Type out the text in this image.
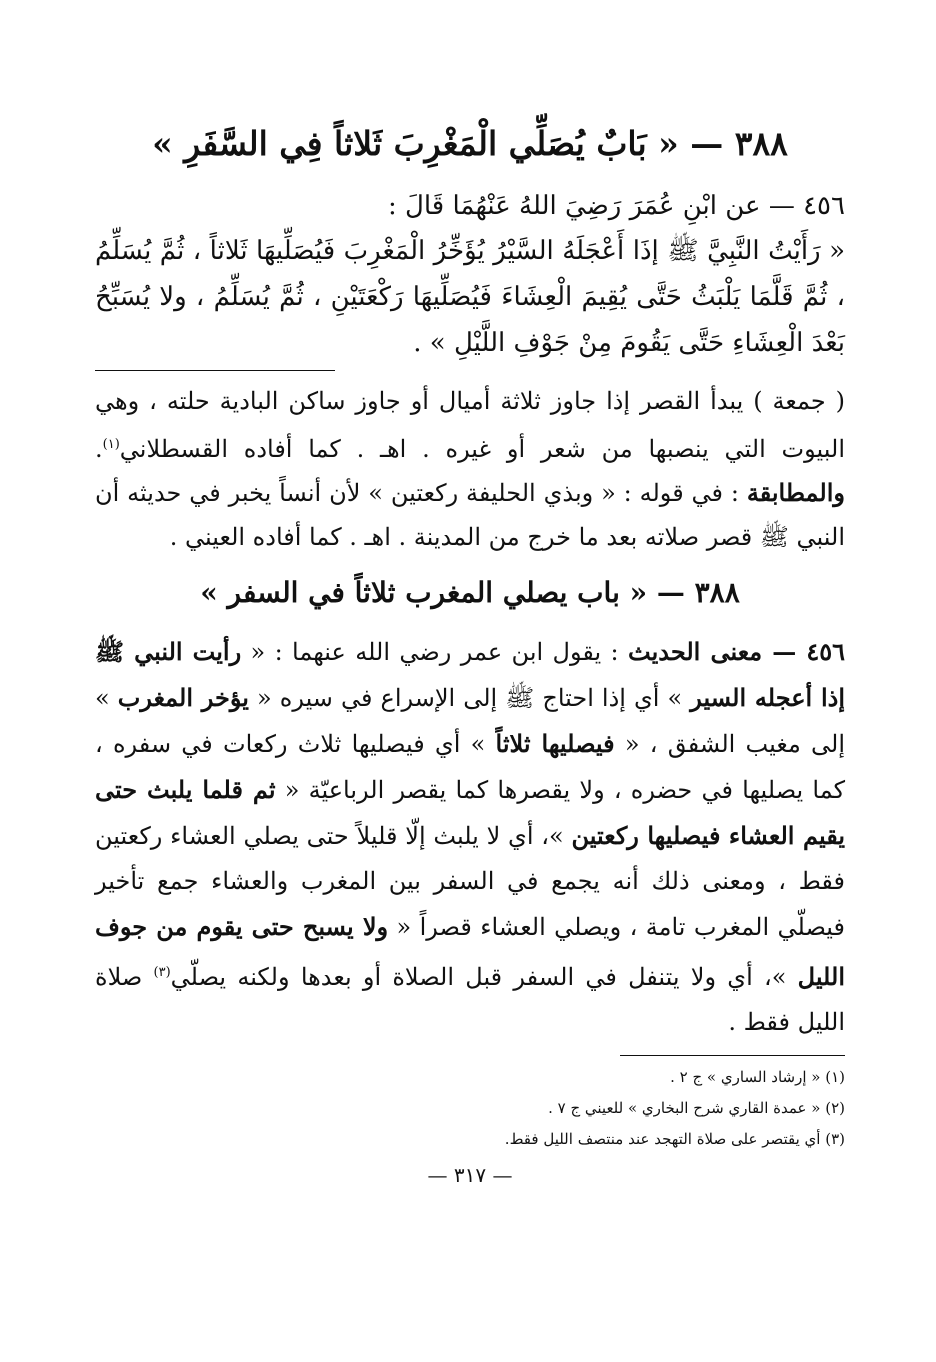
٣٨٨ — « بَابٌ يُصَلِّي الْمَغْرِبَ ثَلاثاً فِي السَّفَرِ »

٤٥٦ — عن ابْنِ عُمَرَ رَضِيَ اللهُ عَنْهُمَا قَالَ :

« رَأَيْتُ النَّبِيَّ ﷺ إذَا أَعْجَلَهُ السَّيْرُ يُؤَخِّرُ الْمَغْرِبَ فَيُصَلِّيهَا ثَلاثاً ، ثُمَّ يُسَلِّمُ ، ثُمَّ قَلَّمَا يَلْبَثُ حَتَّى يُقِيمَ الْعِشَاءَ فَيُصَلِّيهَا رَكْعَتَيْنِ ، ثُمَّ يُسَلِّمُ ، ولا يُسَبِّحُ بَعْدَ الْعِشَاءِ حَتَّى يَقُومَ مِنْ جَوْفِ اللَّيْلِ » .

( جمعة ) يبدأ القصر إذا جاوز ثلاثة أميال أو جاوز ساكن البادية حلته ، وهي البيوت التي ينصبها من شعر أو غيره . اهـ . كما أفاده القسطلاني$^{(١)}$. والمطابقة : في قوله : « وبذي الحليفة ركعتين » لأن أنساً يخبر في حديثه أن النبي ﷺ قصر صلاته بعد ما خرج من المدينة . اهـ . كما أفاده العيني .

٣٨٨ — « باب يصلي المغرب ثلاثاً في السفر »

٤٥٦ — معنى الحديث : يقول ابن عمر رضي الله عنهما : « رأيت النبي ﷺ إذا أعجله السير » أي إذا احتاج ﷺ إلى الإسراع في سيره « يؤخر المغرب » إلى مغيب الشفق ، « فيصليها ثلاثاً » أي فيصليها ثلاث ركعات في سفره ، كما يصليها في حضره ، ولا يقصرها كما يقصر الرباعيّة « ثم قلما يلبث حتى يقيم العشاء فيصليها ركعتين »، أي لا يلبث إلّا قليلاً حتى يصلي العشاء ركعتين فقط ، ومعنى ذلك أنه يجمع في السفر بين المغرب والعشاء جمع تأخير فيصلّي المغرب تامة ، ويصلي العشاء قصراً « ولا يسبح حتى يقوم من جوف الليل »، أي ولا يتنفل في السفر قبل الصلاة أو بعدها ولكنه يصلّي$^{(٣)}$ صلاة الليل فقط .

(١) « إرشاد الساري » ج ٢ .

(٢) « عمدة القاري شرح البخاري » للعيني ج ٧ .

(٣) أي يقتصر على صلاة التهجد عند منتصف الليل فقط.

— ٣١٧ —
